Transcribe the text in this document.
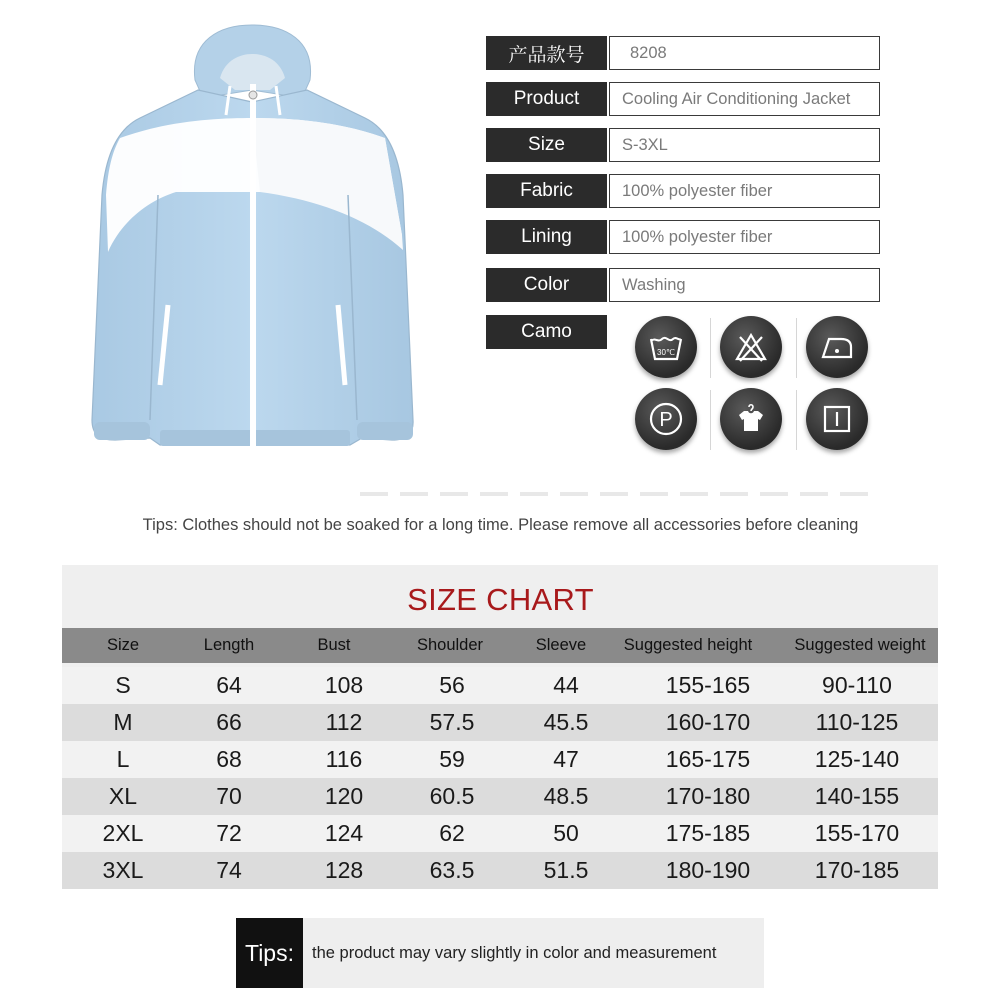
产品款号	8208
Product	Cooling Air Conditioning Jacket
Size	S-3XL
Fabric	100% polyester fiber
Lining	100% polyester fiber
Color	Washing
Camo
30℃
P
Tips: Clothes should not be soaked for a long time. Please remove all accessories before cleaning
SIZE CHART
Size	Length	Bust	Shoulder	Sleeve	Suggested height	Suggested weight
S	64	108	56	44	155-165	90-110
M	66	112	57.5	45.5	160-170	110-125
L	68	116	59	47	165-175	125-140
XL	70	120	60.5	48.5	170-180	140-155
2XL	72	124	62	50	175-185	155-170
3XL	74	128	63.5	51.5	180-190	170-185
Tips:	the product may vary slightly in color and measurement
